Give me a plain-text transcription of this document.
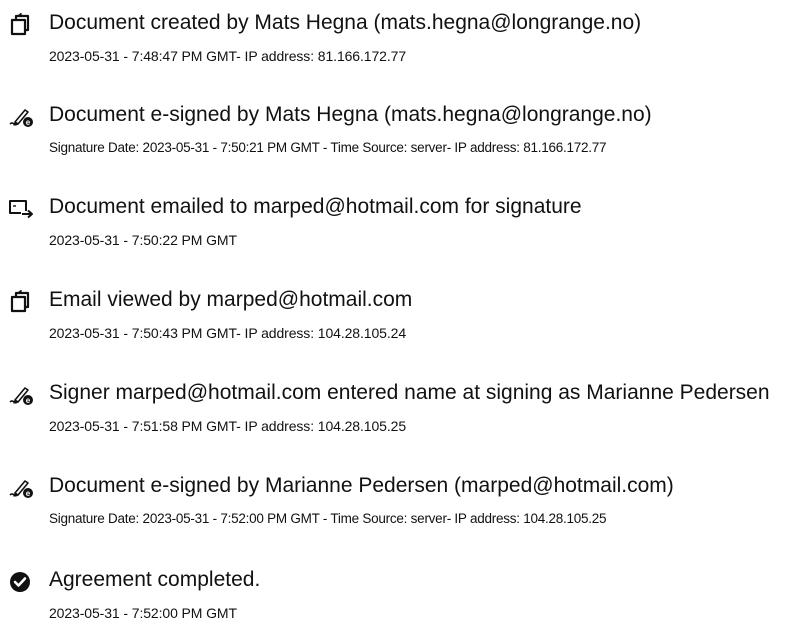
Document created by Mats Hegna (mats.hegna@longrange.no)
2023-05-31 - 7:48:47 PM GMT- IP address: 81.166.172.77
e Document e-signed by Mats Hegna (mats.hegna@longrange.no)
Signature Date: 2023-05-31 - 7:50:21 PM GMT - Time Source: server- IP address: 81.166.172.77
Document emailed to marped@hotmail.com for signature
2023-05-31 - 7:50:22 PM GMT
Email viewed by marped@hotmail.com
2023-05-31 - 7:50:43 PM GMT- IP address: 104.28.105.24
e Signer marped@hotmail.com entered name at signing as Marianne Pedersen
2023-05-31 - 7:51:58 PM GMT- IP address: 104.28.105.25
e Document e-signed by Marianne Pedersen (marped@hotmail.com)
Signature Date: 2023-05-31 - 7:52:00 PM GMT - Time Source: server- IP address: 104.28.105.25
Agreement completed.
2023-05-31 - 7:52:00 PM GMT
